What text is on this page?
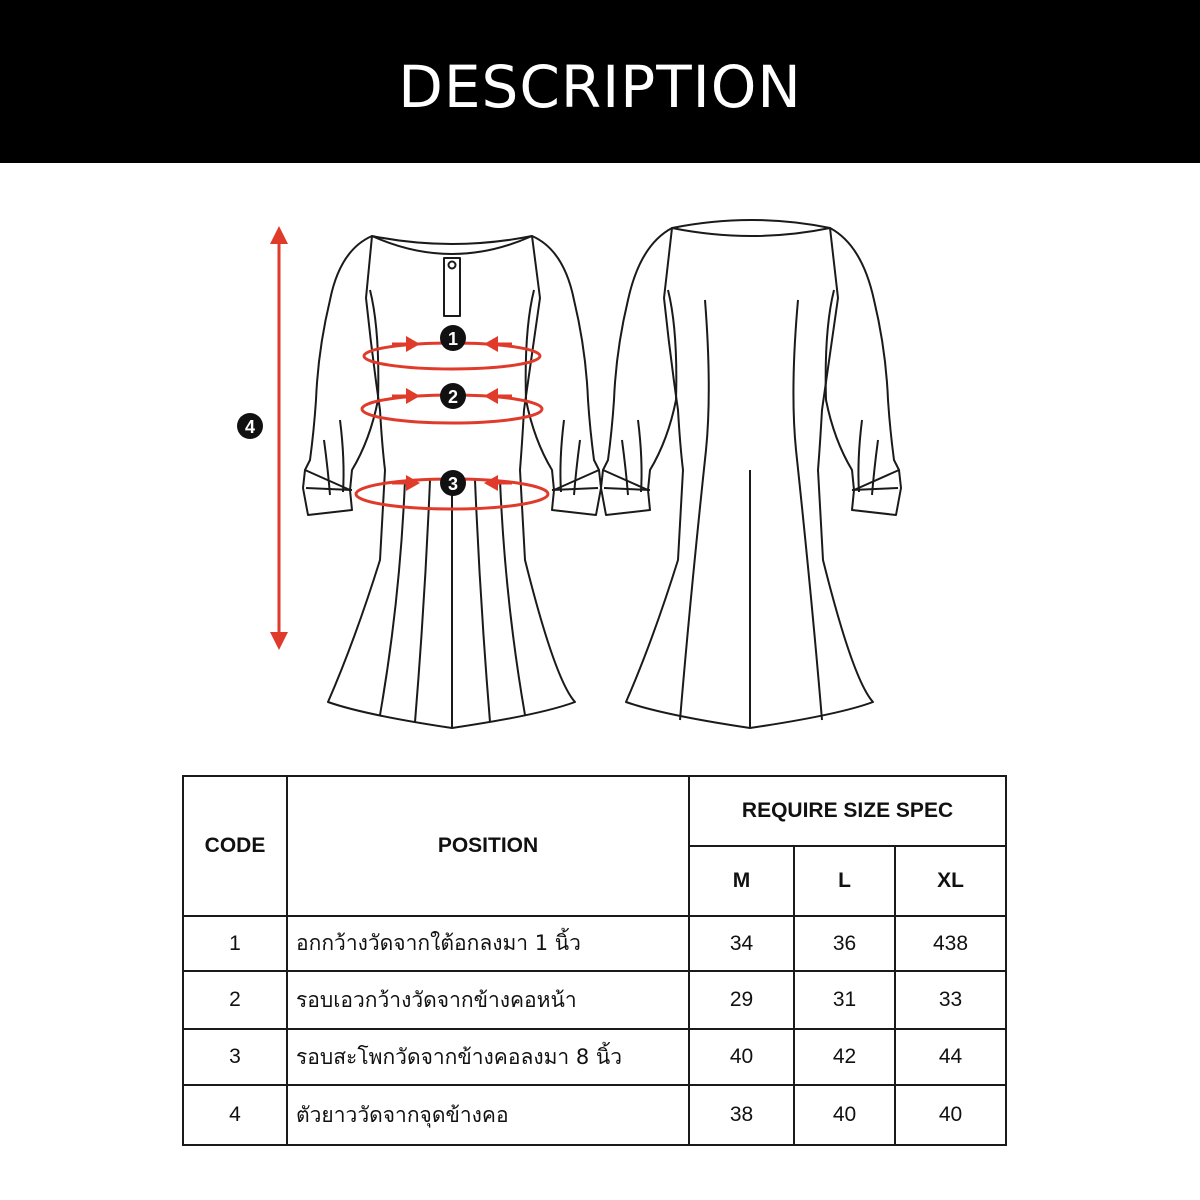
DESCRIPTION
1
2
3
4
CODE	POSITION	REQUIRE SIZE SPEC		
		M	L	XL
1	อกกว้างวัดจากใต้อกลงมา 1 นิ้ว	34	36	438
2	รอบเอวกว้างวัดจากข้างคอหน้า	29	31	33
3	รอบสะโพกวัดจากข้างคอลงมา 8 นิ้ว	40	42	44
4	ตัวยาววัดจากจุดข้างคอ	38	40	40
